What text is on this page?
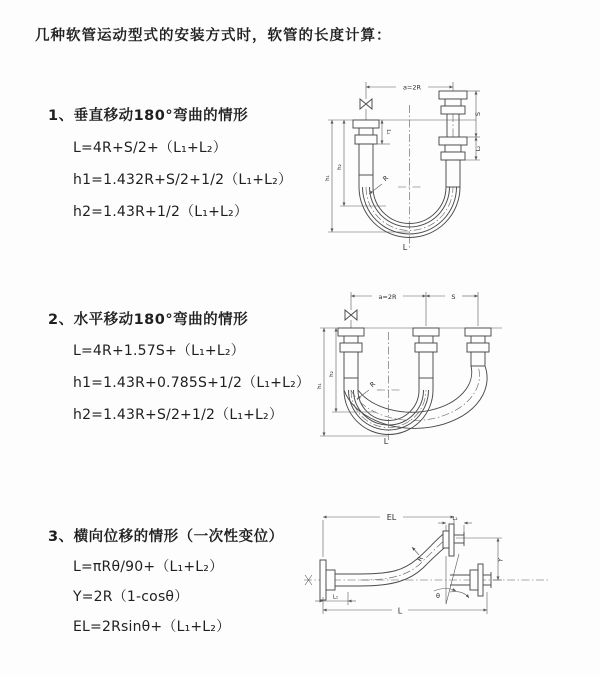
几种软管运动型式的安装方式时，软管的长度计算：
1、垂直移动180°弯曲的情形
L=4R+S/2+（L₁+L₂）
h1=1.432R+S/2+1/2（L₁+L₂）
h2=1.43R+1/2（L₁+L₂）
2、水平移动180°弯曲的情形
L=4R+1.57S+（L₁+L₂）
h1=1.43R+0.785S+1/2（L₁+L₂）
h2=1.43R+S/2+1/2（L₁+L₂）
3、横向位移的情形（一次性变位）
L=πRθ/90+（L₁+L₂）
Y=2R（1-cosθ）
EL=2Rsinθ+（L₁+L₂）
a=2R
L₁
S
L₂
h₁
h₂
R
L
a=2R	S
h₁
h₂
R
L
EL	L₂
Y
θ
R
L
L₁
